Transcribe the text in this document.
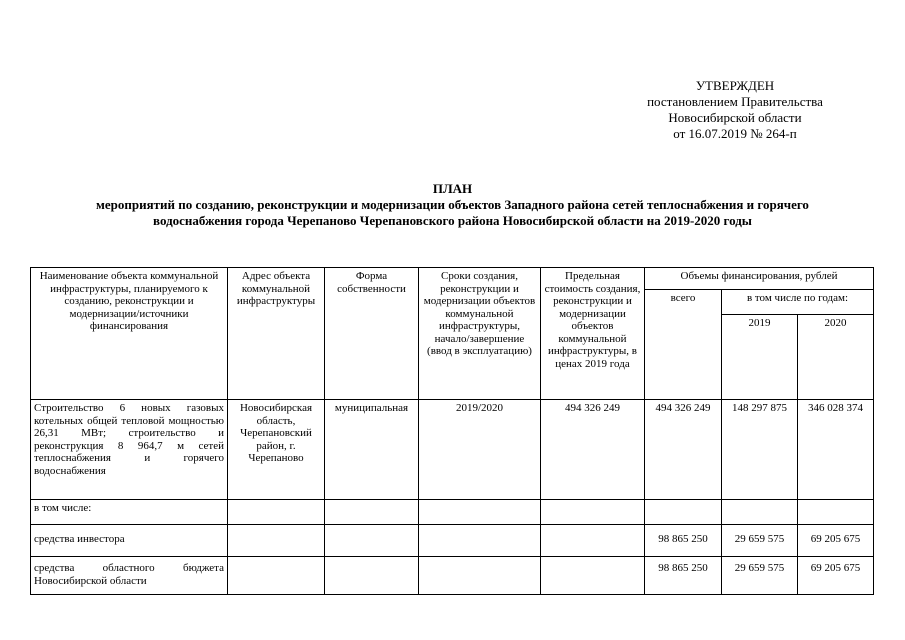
УТВЕРЖДЕН
постановлением Правительства
Новосибирской области
от 16.07.2019 № 264-п
ПЛАН
мероприятий по созданию, реконструкции и модернизации объектов Западного района сетей теплоснабжения и горячего
водоснабжения города Черепаново Черепановского района Новосибирской области на 2019-2020 годы
Наименование объекта коммунальной инфраструктуры, планируемого к созданию, реконструкции и модернизации/источники финансирования	Адрес объекта коммунальной инфраструктуры	Форма собственности	Сроки создания, реконструкции и модернизации объектов коммунальной инфраструктуры, начало/завершение (ввод в эксплуатацию)	Предельная стоимость создания, реконструкции и модернизации объектов коммунальной инфраструктуры, в ценах 2019 года	Объемы финансирования, рублей		
					всего	в том числе по годам:	
						2019	2020
Строительство 6 новых газовых котельных общей тепловой мощностью 26,31 МВт; строительство и реконструкция 8 964,7 м сетей теплоснабжения и горячего водоснабжения	Новосибирская область, Черепановский район, г. Черепаново	муниципальная	2019/2020	494 326 249	494 326 249	148 297 875	346 028 374
в том числе:							
средства инвестора					98 865 250	29 659 575	69 205 675
средства областного бюджета Новосибирской области					98 865 250	29 659 575	69 205 675
